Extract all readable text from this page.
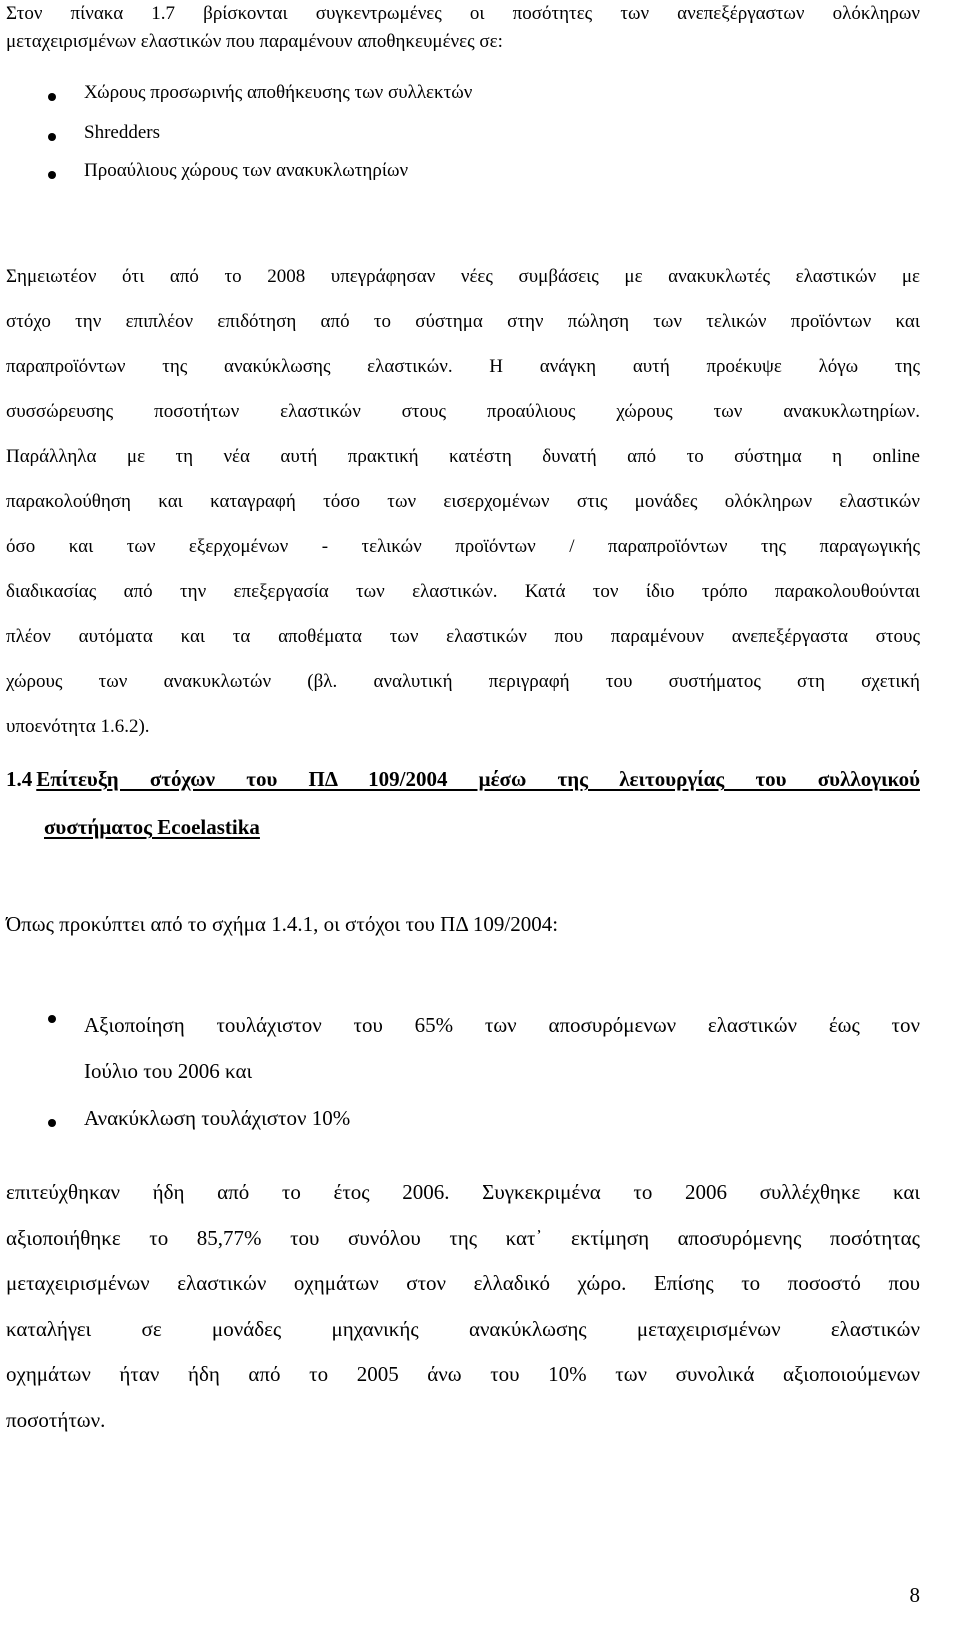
Στον πίνακα 1.7 βρίσκονται συγκεντρωμένες οι ποσότητες των ανεπεξέργαστων ολόκληρων
μεταχειρισμένων ελαστικών που παραμένουν αποθηκευμένες σε:
Χώρους προσωρινής αποθήκευσης των συλλεκτών
Shredders
Προαύλιους χώρους των ανακυκλωτηρίων
Σημειωτέον ότι από το 2008 υπεγράφησαν νέες συμβάσεις με ανακυκλωτές ελαστικών με
στόχο την επιπλέον επιδότηση από το σύστημα στην πώληση των τελικών προϊόντων και
παραπροϊόντων της ανακύκλωσης ελαστικών. Η ανάγκη αυτή προέκυψε λόγω της
συσσώρευσης ποσοτήτων ελαστικών στους προαύλιους χώρους των ανακυκλωτηρίων.
Παράλληλα με τη νέα αυτή πρακτική κατέστη δυνατή από το σύστημα η online
παρακολούθηση και καταγραφή τόσο των εισερχομένων στις μονάδες ολόκληρων ελαστικών
όσο και των εξερχομένων - τελικών προϊόντων / παραπροϊόντων της παραγωγικής
διαδικασίας από την επεξεργασία των ελαστικών. Κατά τον ίδιο τρόπο παρακολουθούνται
πλέον αυτόματα και τα αποθέματα των ελαστικών που παραμένουν ανεπεξέργαστα στους
χώρους των ανακυκλωτών (βλ. αναλυτική περιγραφή του συστήματος στη σχετική
υποενότητα 1.6.2).
1.4 Επίτευξη στόχων του ΠΔ 109/2004 μέσω της λειτουργίας του συλλογικού
συστήματος Ecoelastika
Όπως προκύπτει από το σχήμα 1.4.1, οι στόχοι του ΠΔ 109/2004:
Αξιοποίηση τουλάχιστον του 65% των αποσυρόμενων ελαστικών έως τον
Ιούλιο του 2006 και
Ανακύκλωση τουλάχιστον 10%
επιτεύχθηκαν ήδη από το έτος 2006. Συγκεκριμένα το 2006 συλλέχθηκε και
αξιοποιήθηκε το 85,77% του συνόλου της κατ᾽ εκτίμηση αποσυρόμενης ποσότητας
μεταχειρισμένων ελαστικών οχημάτων στον ελλαδικό χώρο. Επίσης το ποσοστό που
καταλήγει σε μονάδες μηχανικής ανακύκλωσης μεταχειρισμένων ελαστικών
οχημάτων ήταν ήδη από το 2005 άνω του 10% των συνολικά αξιοποιούμενων
ποσοτήτων.
8
